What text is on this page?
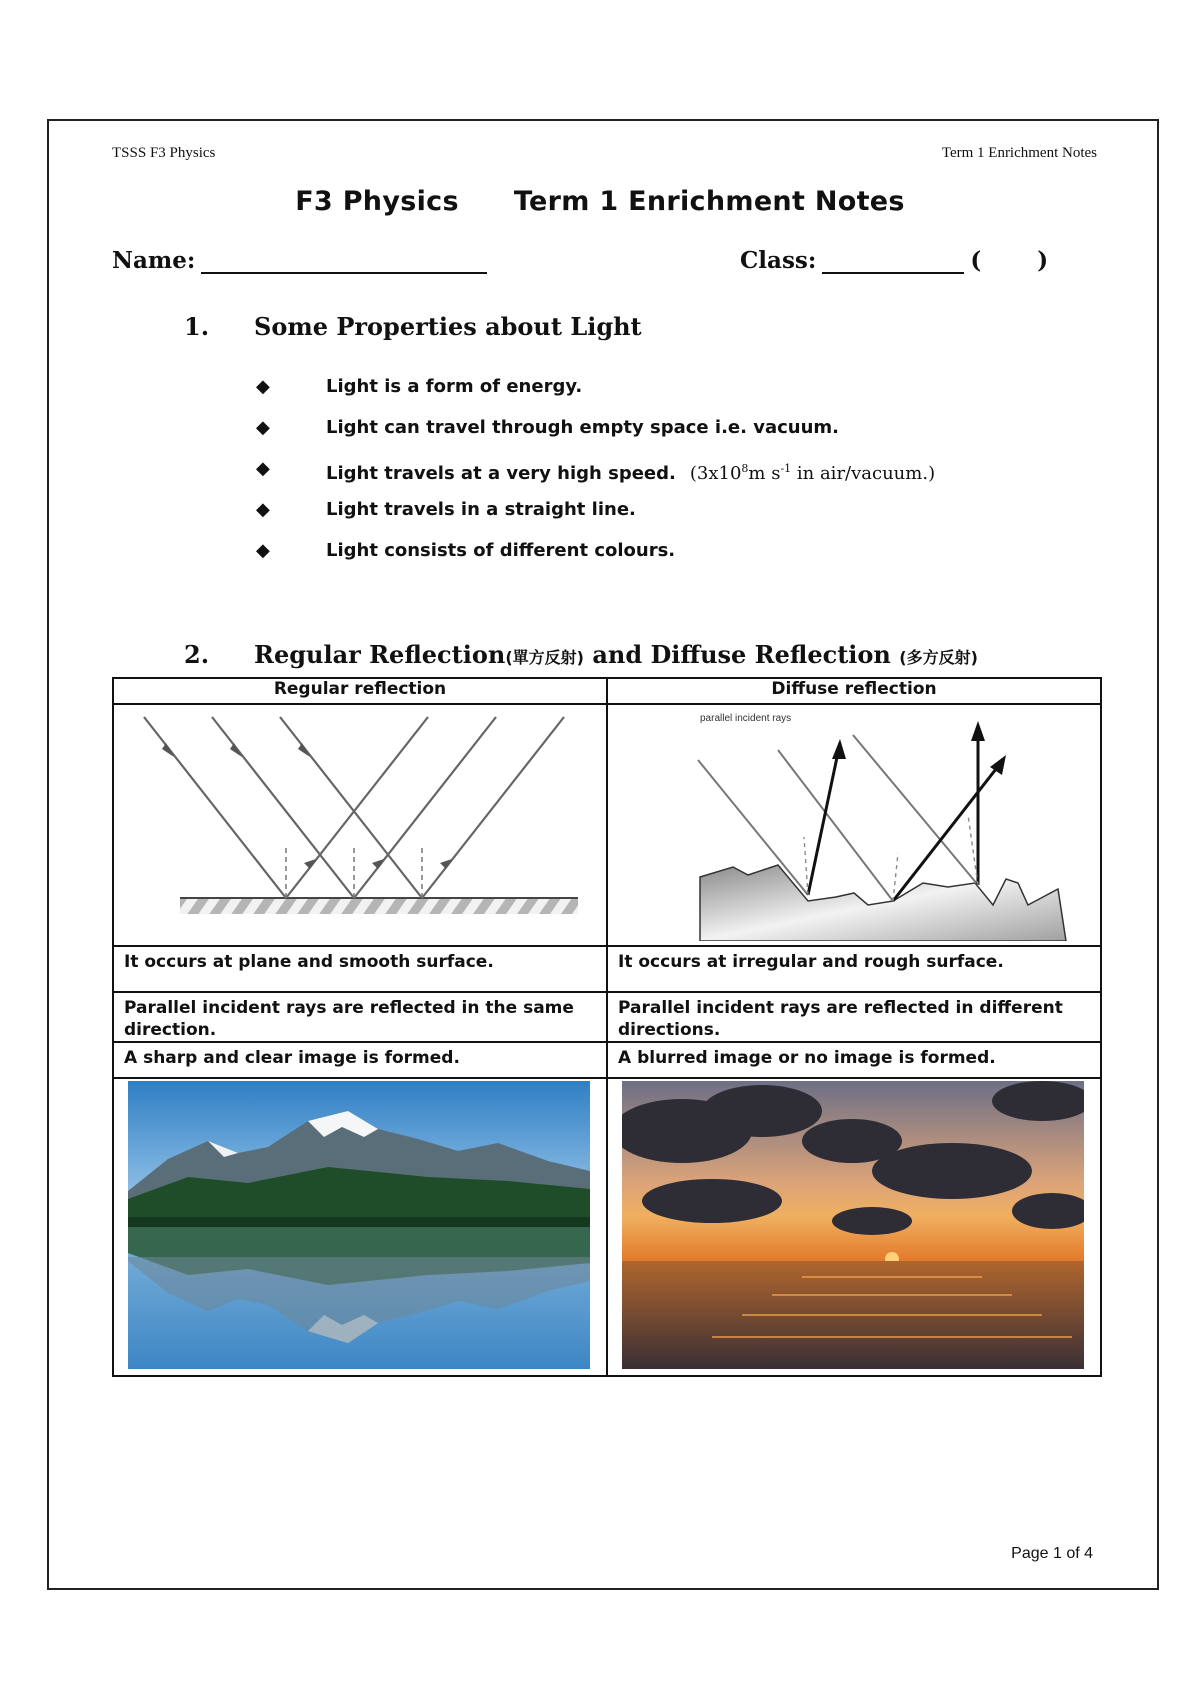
TSSS F3 Physics	Term 1 Enrichment Notes
F3 Physics Term 1 Enrichment Notes
Name:	Class:	( )
1. Some Properties about Light
◆	Light is a form of energy.
◆	Light can travel through empty space i.e. vacuum.
◆	Light travels at a very high speed. ($3x10^8m$ $s^{-1}$ in air/vacuum.)
◆	Light travels in a straight line.
◆	Light consists of different colours.
2. Regular Reflection(單方反射) and Diffuse Reflection (多方反射)
Regular reflection	Diffuse reflection

parallel incident rays

It occurs at plane and smooth surface.	It occurs at irregular and rough surface.
Parallel incident rays are reflected in the same direction.	Parallel incident rays are reflected in different directions.
A sharp and clear image is formed.	A blurred image or no image is formed.

Page 1 of 4
